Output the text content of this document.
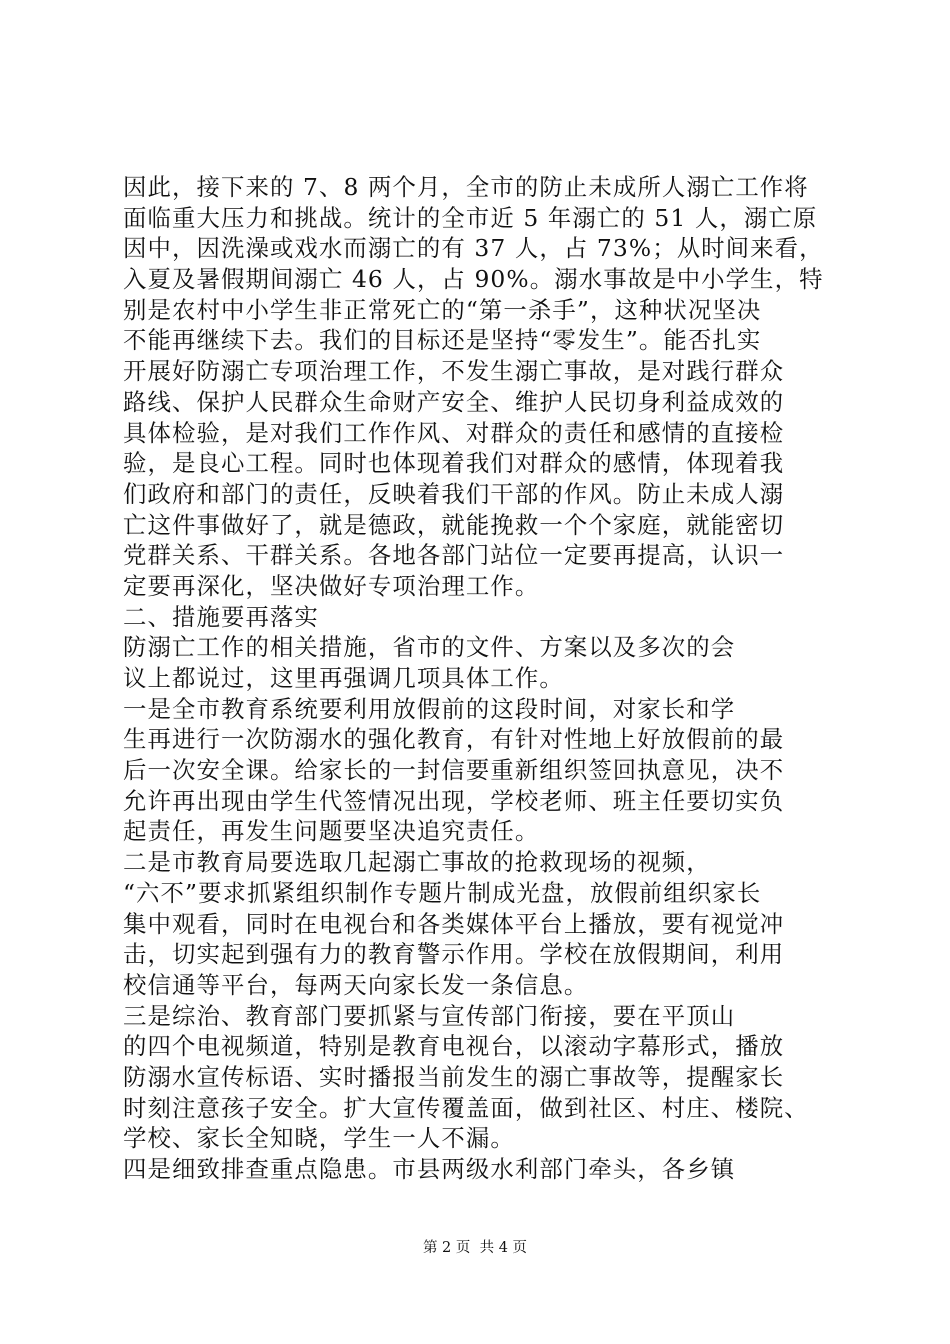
因此，接下来的 7、8 两个月，全市的防止未成所人溺亡工作将
面临重大压力和挑战。统计的全市近 5 年溺亡的 51 人，溺亡原
因中，因洗澡或戏水而溺亡的有 37 人，占 73%；从时间来看，
入夏及暑假期间溺亡 46 人，占 90%。溺水事故是中小学生，特
别是农村中小学生非正常死亡的“第一杀手”，这种状况坚决
不能再继续下去。我们的目标还是坚持“零发生”。能否扎实
开展好防溺亡专项治理工作，不发生溺亡事故，是对践行群众
路线、保护人民群众生命财产安全、维护人民切身利益成效的
具体检验，是对我们工作作风、对群众的责任和感情的直接检
验，是良心工程。同时也体现着我们对群众的感情，体现着我
们政府和部门的责任，反映着我们干部的作风。防止未成人溺
亡这件事做好了，就是德政，就能挽救一个个家庭，就能密切
党群关系、干群关系。各地各部门站位一定要再提高，认识一
定要再深化，坚决做好专项治理工作。
二、措施要再落实
防溺亡工作的相关措施，省市的文件、方案以及多次的会
议上都说过，这里再强调几项具体工作。
一是全市教育系统要利用放假前的这段时间，对家长和学
生再进行一次防溺水的强化教育，有针对性地上好放假前的最
后一次安全课。给家长的一封信要重新组织签回执意见，决不
允许再出现由学生代签情况出现，学校老师、班主任要切实负
起责任，再发生问题要坚决追究责任。
二是市教育局要选取几起溺亡事故的抢救现场的视频，
“六不”要求抓紧组织制作专题片制成光盘，放假前组织家长
集中观看，同时在电视台和各类媒体平台上播放，要有视觉冲
击，切实起到强有力的教育警示作用。学校在放假期间，利用
校信通等平台，每两天向家长发一条信息。
三是综治、教育部门要抓紧与宣传部门衔接，要在平顶山
的四个电视频道，特别是教育电视台，以滚动字幕形式，播放
防溺水宣传标语、实时播报当前发生的溺亡事故等，提醒家长
时刻注意孩子安全。扩大宣传覆盖面，做到社区、村庄、楼院、
学校、家长全知晓，学生一人不漏。
四是细致排查重点隐患。市县两级水利部门牵头，各乡镇
第 2 页  共 4 页
